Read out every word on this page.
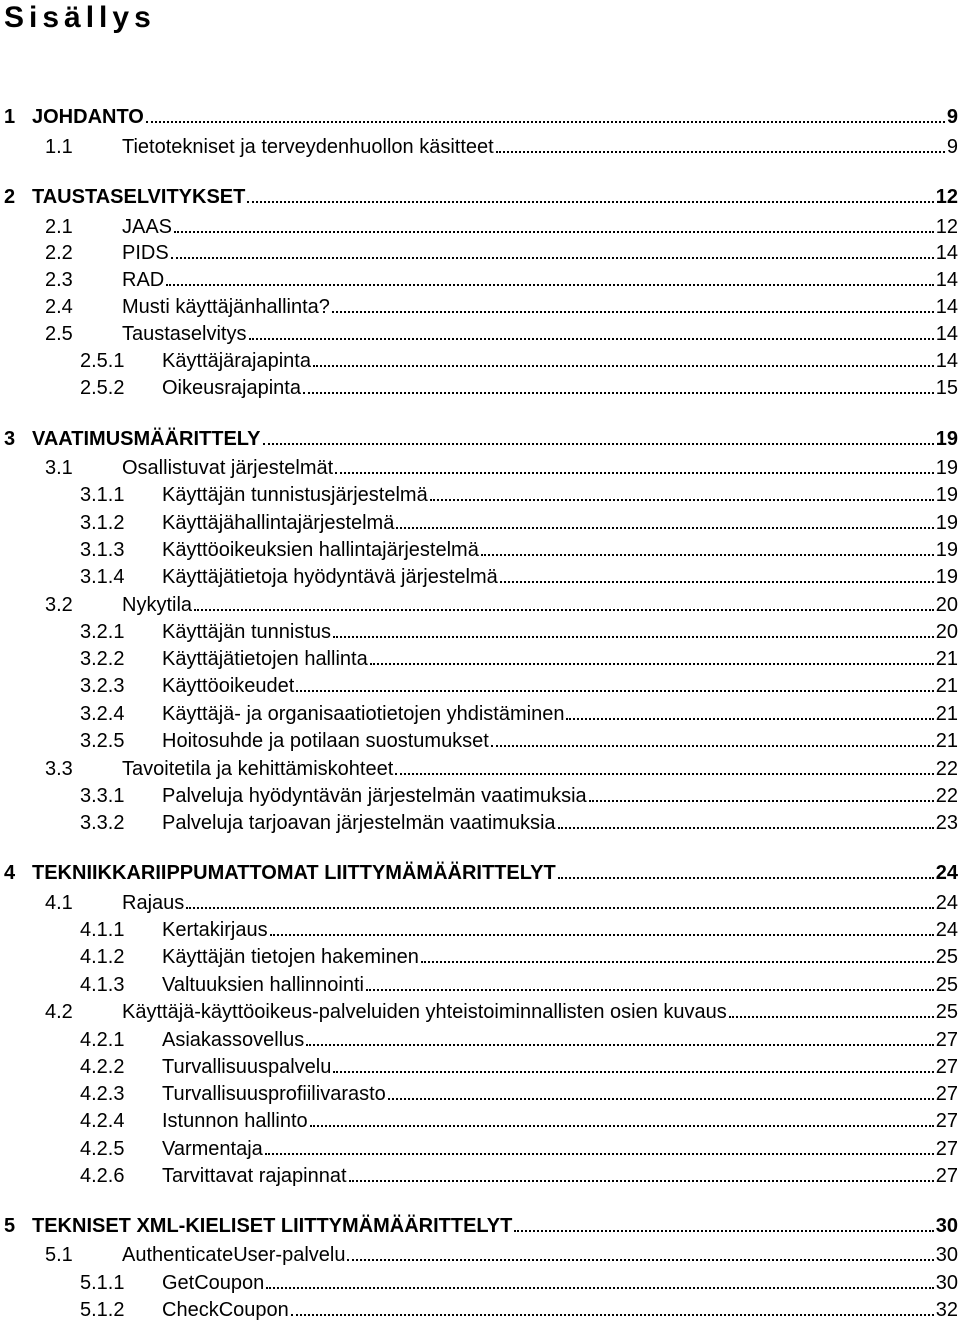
Sisällys
1 JOHDANTO	9
1.1	Tietotekniset ja terveydenhuollon käsitteet	9
2 TAUSTASELVITYKSET	12
2.1	JAAS	12
2.2	PIDS	14
2.3	RAD	14
2.4	Musti käyttäjänhallinta?	14
2.5	Taustaselvitys	14
2.5.1	Käyttäjärajapinta	14
2.5.2	Oikeusrajapinta	15
3 VAATIMUSMÄÄRITTELY	19
3.1	Osallistuvat järjestelmät	19
3.1.1	Käyttäjän tunnistusjärjestelmä	19
3.1.2	Käyttäjähallintajärjestelmä	19
3.1.3	Käyttöoikeuksien hallintajärjestelmä	19
3.1.4	Käyttäjätietoja hyödyntävä järjestelmä	19
3.2	Nykytila	20
3.2.1	Käyttäjän tunnistus	20
3.2.2	Käyttäjätietojen hallinta	21
3.2.3	Käyttöoikeudet	21
3.2.4	Käyttäjä- ja organisaatiotietojen yhdistäminen	21
3.2.5	Hoitosuhde ja potilaan suostumukset	21
3.3	Tavoitetila ja kehittämiskohteet	22
3.3.1	Palveluja hyödyntävän järjestelmän vaatimuksia	22
3.3.2	Palveluja tarjoavan järjestelmän vaatimuksia	23
4 TEKNIIKKARIIPPUMATTOMAT LIITTYMÄMÄÄRITTELYT	24
4.1	Rajaus	24
4.1.1	Kertakirjaus	24
4.1.2	Käyttäjän tietojen hakeminen	25
4.1.3	Valtuuksien hallinnointi	25
4.2	Käyttäjä-käyttöoikeus-palveluiden yhteistoiminnallisten osien kuvaus	25
4.2.1	Asiakassovellus	27
4.2.2	Turvallisuuspalvelu	27
4.2.3	Turvallisuusprofiilivarasto	27
4.2.4	Istunnon hallinto	27
4.2.5	Varmentaja	27
4.2.6	Tarvittavat rajapinnat	27
5 TEKNISET XML-KIELISET LIITTYMÄMÄÄRITTELYT	30
5.1	AuthenticateUser-palvelu	30
5.1.1	GetCoupon	30
5.1.2	CheckCoupon	32
